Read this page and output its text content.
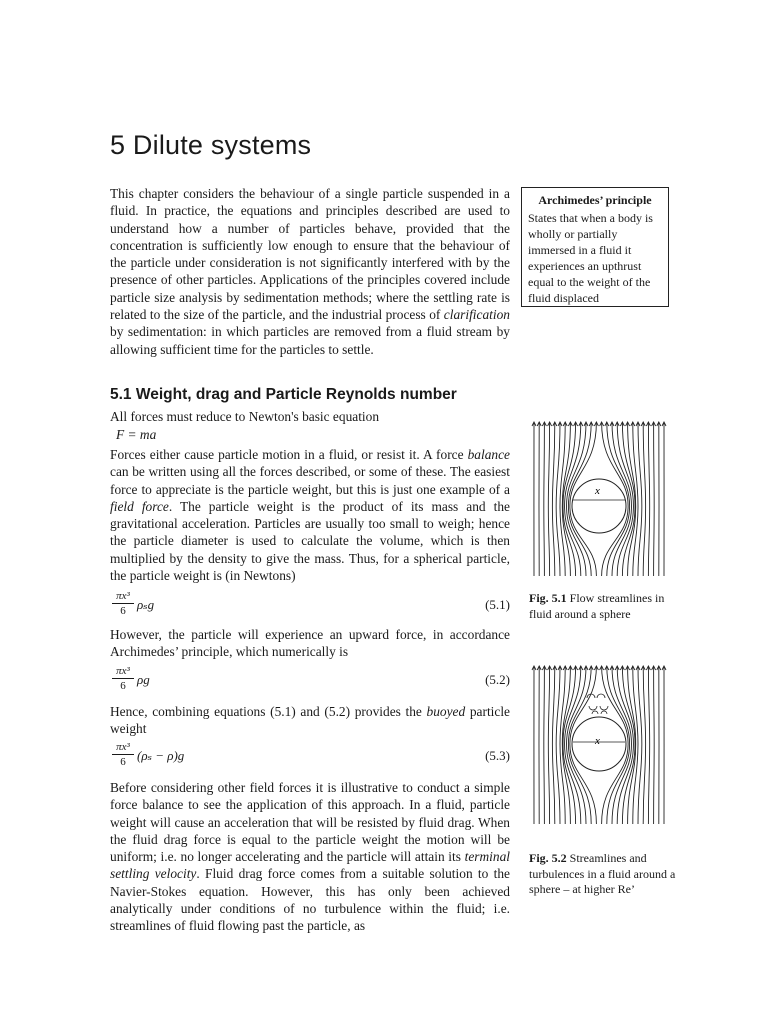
5 Dilute systems

This chapter considers the behaviour of a single particle suspended in a fluid. In practice, the equations and principles described are used to understand how a number of particles behave, provided that the concentration is sufficiently low enough to ensure that the behaviour of the particle under consideration is not significantly interfered with by the presence of other particles. Applications of the principles covered include particle size analysis by sedimentation methods; where the settling rate is related to the size of the particle, and the industrial process of clarification by sedimentation: in which particles are removed from a fluid stream by allowing sufficient time for the particles to settle.

Archimedes’ principle

States that when a body is wholly or partially immersed in a fluid it experiences an upthrust equal to the weight of the fluid displaced

5.1 Weight, drag and Particle Reynolds number

All forces must reduce to Newton's basic equation

F = ma

Forces either cause particle motion in a fluid, or resist it. A force balance can be written using all the forces described, or some of these. The easiest force to appreciate is the particle weight, but this is just one example of a field force. The particle weight is the product of its mass and the gravitational acceleration. Particles are usually too small to weigh; hence the particle diameter is used to calculate the volume, which is then multiplied by the density to give the mass. Thus, for a spherical particle, the particle weight is (in Newtons)

$\frac{\text{πx³}}{6}$ ρₛg	(5.1)

However, the particle will experience an upward force, in accordance Archimedes’ principle, which numerically is

$\frac{\text{πx³}}{6}$ ρg	(5.2)

Hence, combining equations (5.1) and (5.2) provides the buoyed particle weight

$\frac{\text{πx³}}{6} (\rho_s - \rho)g$	(5.3)

Before considering other field forces it is illustrative to conduct a simple force balance to see the application of this approach. In a fluid, particle weight will cause an acceleration that will be resisted by fluid drag. When the fluid drag force is equal to the particle weight the motion will be uniform; i.e. no longer accelerating and the particle will attain its terminal settling velocity. Fluid drag force comes from a suitable solution to the Navier-Stokes equation. However, this has only been achieved analytically under conditions of no turbulence within the fluid; i.e. streamlines of fluid flowing past the particle, as

x

Fig. 5.1 Flow streamlines in fluid around a sphere

x

Fig. 5.2 Streamlines and turbulences in a fluid around a sphere – at higher Re’
